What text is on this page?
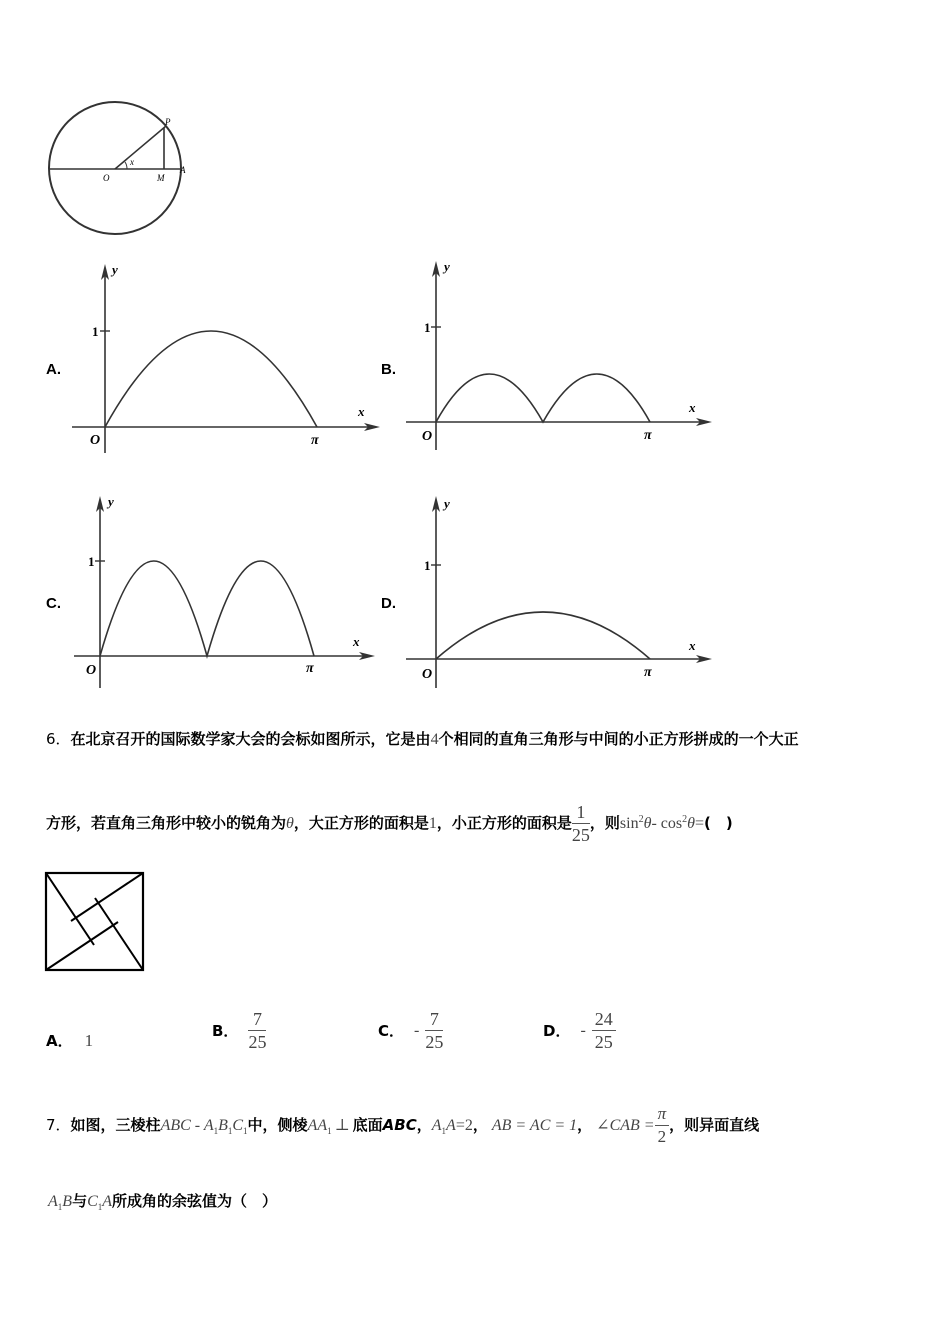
P
x
O	M
A
A.	B.
C.	D.
y
1
x
O	π
y
1
x
O	π
y
1
x
O	π
y
1
x
O	π
6．在北京召开的国际数学家大会的会标如图所示，它是由4个相同的直角三角形与中间的小正方形拼成的一个大正
方形，若直角三角形中较小的锐角为θ，大正方形的面积是1，小正方形的面积是 $\frac{1}{25}$ ，则$\sin^2\theta-$ $\cos^2\theta=$(　)
A． 1	B． $\frac{7}{25}$	C． - $\frac{7}{25}$	D． - $\frac{24}{25}$
7．如图，三棱柱ABC - $A_1B_1C_1$中，侧棱$AA_1$ ⊥ 底面ABC，$A_1A=2$， AB = AC = 1， ∠CAB = $\frac{\pi}{2}$ ，则异面直线
$A_1B$与$C_1A$所成角的余弦值为（　）
